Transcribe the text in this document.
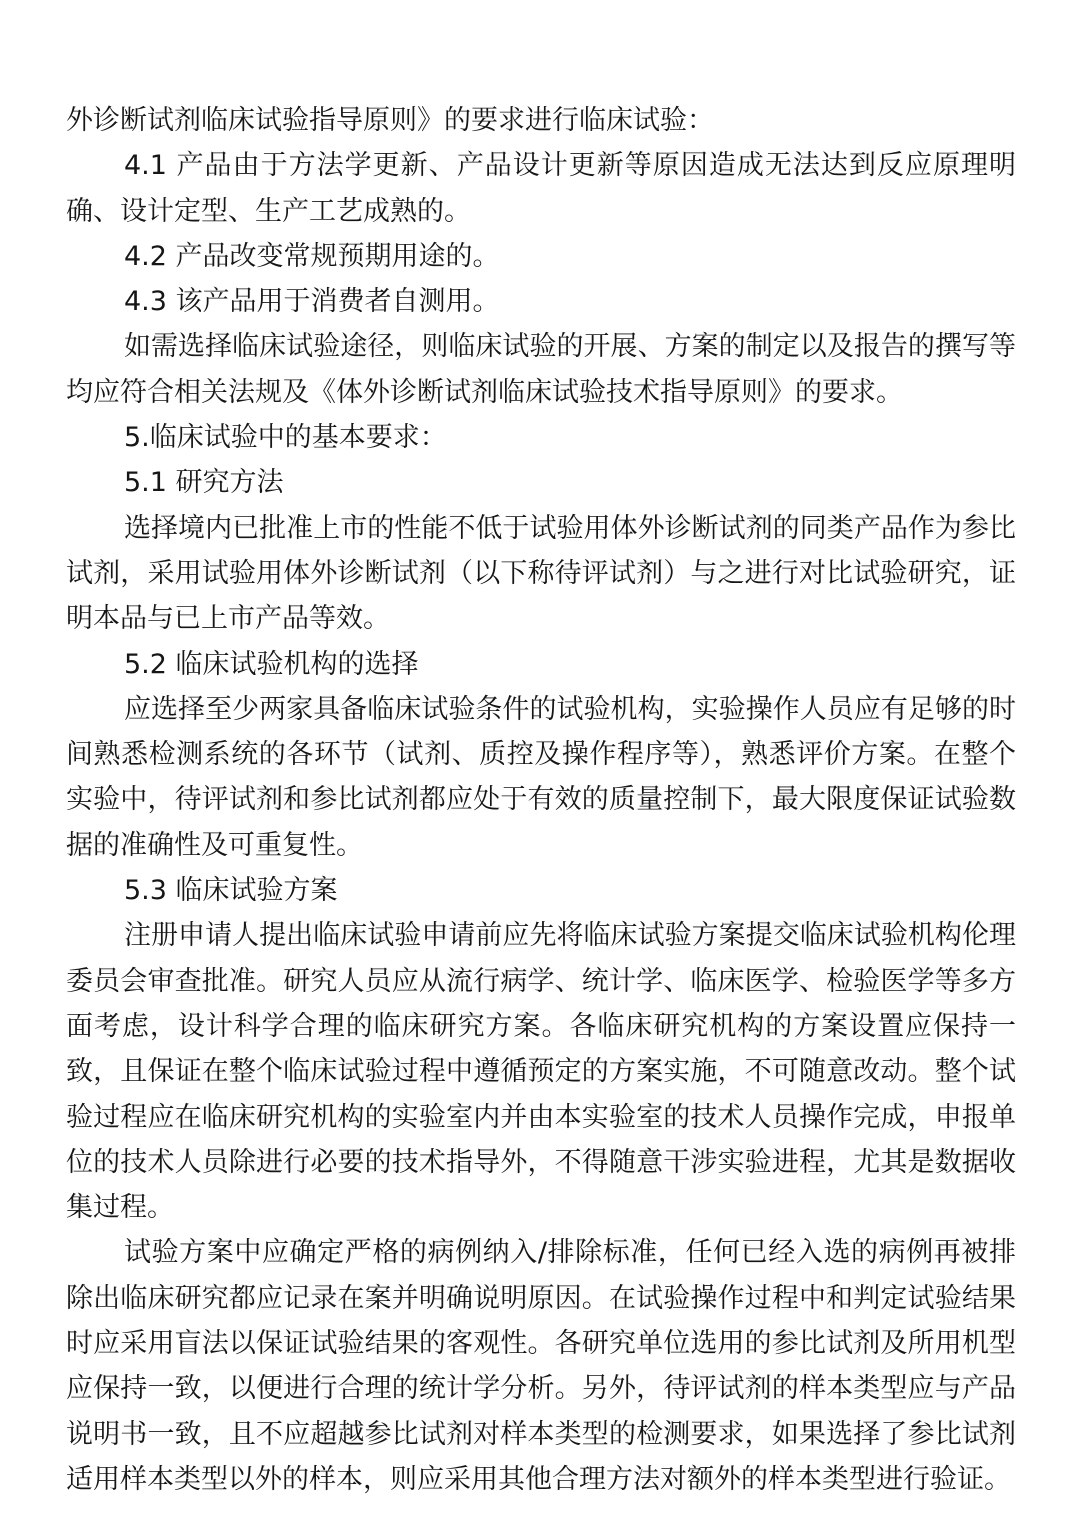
外诊断试剂临床试验指导原则》的要求进行临床试验：

4.1 产品由于方法学更新、产品设计更新等原因造成无法达到反应原理明确、设计定型、生产工艺成熟的。

4.2 产品改变常规预期用途的。

4.3 该产品用于消费者自测用。

如需选择临床试验途径，则临床试验的开展、方案的制定以及报告的撰写等均应符合相关法规及《体外诊断试剂临床试验技术指导原则》的要求。

5.临床试验中的基本要求：

5.1 研究方法

选择境内已批准上市的性能不低于试验用体外诊断试剂的同类产品作为参比试剂，采用试验用体外诊断试剂（以下称待评试剂）与之进行对比试验研究，证明本品与已上市产品等效。

5.2 临床试验机构的选择

应选择至少两家具备临床试验条件的试验机构，实验操作人员应有足够的时间熟悉检测系统的各环节（试剂、质控及操作程序等），熟悉评价方案。在整个实验中，待评试剂和参比试剂都应处于有效的质量控制下，最大限度保证试验数据的准确性及可重复性。

5.3 临床试验方案

注册申请人提出临床试验申请前应先将临床试验方案提交临床试验机构伦理委员会审查批准。研究人员应从流行病学、统计学、临床医学、检验医学等多方面考虑，设计科学合理的临床研究方案。各临床研究机构的方案设置应保持一致，且保证在整个临床试验过程中遵循预定的方案实施，不可随意改动。整个试验过程应在临床研究机构的实验室内并由本实验室的技术人员操作完成，申报单位的技术人员除进行必要的技术指导外，不得随意干涉实验进程，尤其是数据收集过程。

试验方案中应确定严格的病例纳入/排除标准，任何已经入选的病例再被排除出临床研究都应记录在案并明确说明原因。在试验操作过程中和判定试验结果时应采用盲法以保证试验结果的客观性。各研究单位选用的参比试剂及所用机型应保持一致，以便进行合理的统计学分析。另外，待评试剂的样本类型应与产品说明书一致，且不应超越参比试剂对样本类型的检测要求，如果选择了参比试剂适用样本类型以外的样本，则应采用其他合理方法对额外的样本类型进行验证。
